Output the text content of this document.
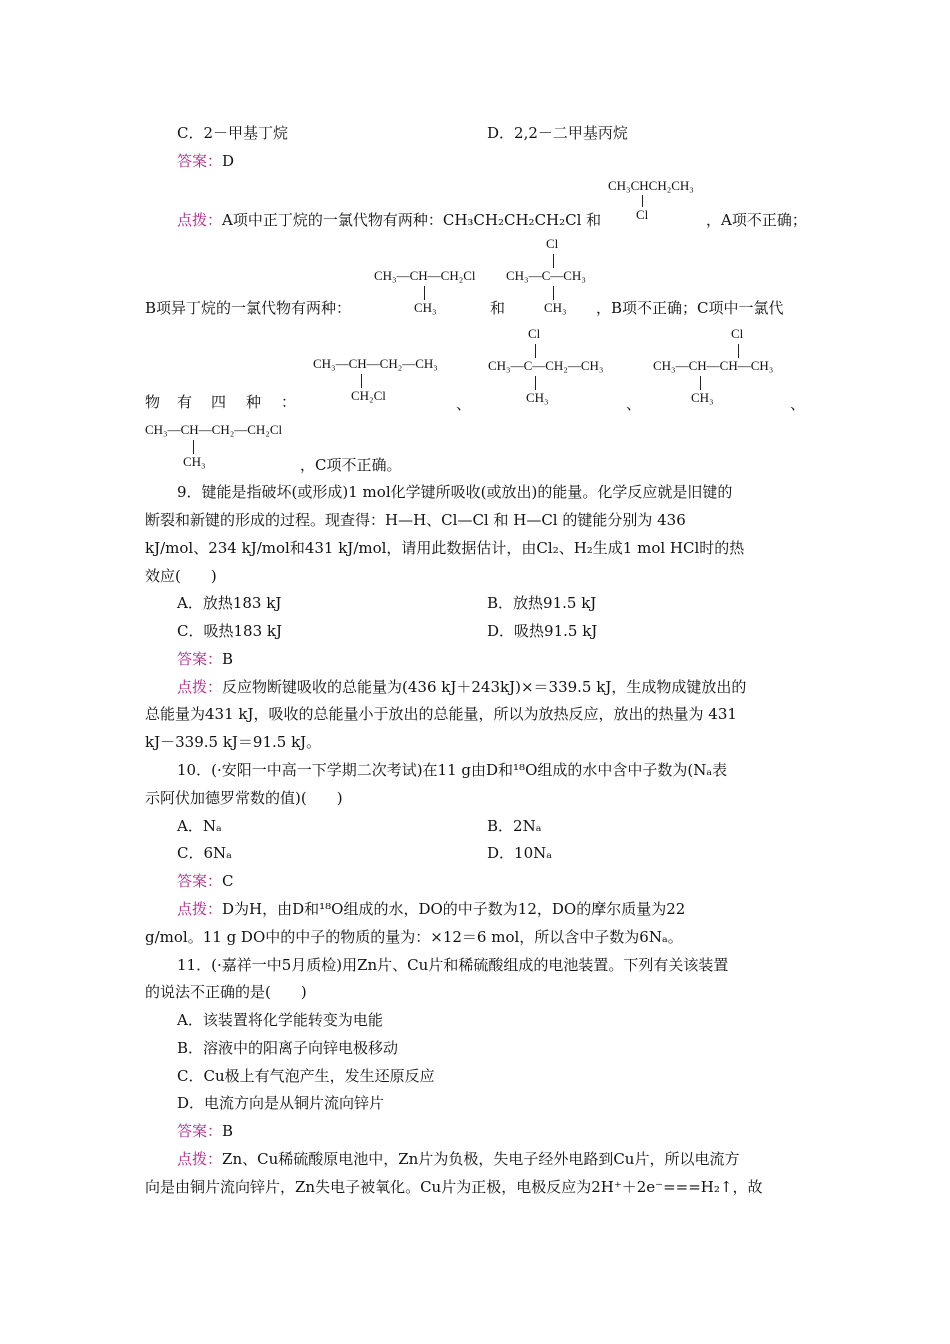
C．2－甲基丁烷	D．2,2－二甲基丙烷
答案：D
CH₃CHCH₂CH₃
Cl
点拨：A项中正丁烷的一氯代物有两种：CH₃CH₂CH₂CH₂Cl 和	，A项不正确；
CH₃—CH—CH₂Cl
CH₃
Cl
CH₃—C—CH₃
CH₃
B项异丁烷的一氯代物有两种：	和	，B项不正确；C项中一氯代
CH₃—CH—CH₂—CH₃
CH₂Cl
Cl
CH₃—C—CH₂—CH₃
CH₃
Cl
CH₃—CH—CH—CH₃
CH₃
物 有 四 种 ：	、	、	、
CH₃—CH—CH₂—CH₂Cl
CH₃	，C项不正确。
9．键能是指破坏(或形成)1 mol化学键所吸收(或放出)的能量。化学反应就是旧键的
断裂和新键的形成的过程。现查得：H—H、Cl—Cl 和 H—Cl 的键能分别为 436
kJ/mol、234 kJ/mol和431 kJ/mol，请用此数据估计，由Cl₂、H₂生成1 mol HCl时的热
效应(　　)
A．放热183 kJ	B．放热91.5 kJ
C．吸热183 kJ	D．吸热91.5 kJ
答案：B
点拨：反应物断键吸收的总能量为(436 kJ＋243kJ)×＝339.5 kJ，生成物成键放出的
总能量为431 kJ，吸收的总能量小于放出的总能量，所以为放热反应，放出的热量为 431
kJ－339.5 kJ＝91.5 kJ。
10．(·安阳一中高一下学期二次考试)在11 g由D和¹⁸O组成的水中含中子数为(Nₐ表
示阿伏加德罗常数的值)(　　)
A．Nₐ	B．2Nₐ
C．6Nₐ	D．10Nₐ
答案：C
点拨：D为H，由D和¹⁸O组成的水，DO的中子数为12，DO的摩尔质量为22
g/mol。11 g DO中的中子的物质的量为：×12＝6 mol，所以含中子数为6Nₐ。
11．(·嘉祥一中5月质检)用Zn片、Cu片和稀硫酸组成的电池装置。下列有关该装置
的说法不正确的是(　　)
A．该装置将化学能转变为电能
B．溶液中的阳离子向锌电极移动
C．Cu极上有气泡产生，发生还原反应
D．电流方向是从铜片流向锌片
答案：B
点拨：Zn、Cu稀硫酸原电池中，Zn片为负极，失电子经外电路到Cu片，所以电流方
向是由铜片流向锌片，Zn失电子被氧化。Cu片为正极，电极反应为2H⁺＋2e⁻===H₂↑，故
